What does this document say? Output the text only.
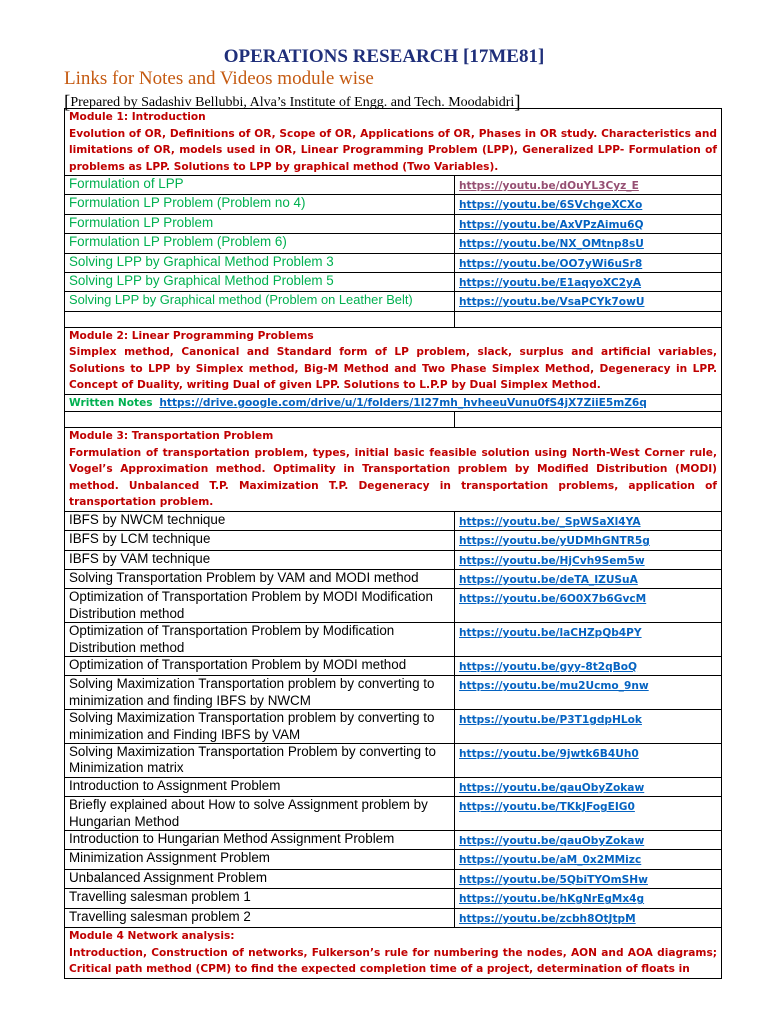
OPERATIONS RESEARCH [17ME81]
Links for Notes and Videos module wise
[Prepared by Sadashiv Bellubbi, Alva’s Institute of Engg. and Tech. Moodabidri]
Module 1: Introduction
Evolution of OR, Definitions of OR, Scope of OR, Applications of OR, Phases in OR study. Characteristics and limitations of OR, models used in OR, Linear Programming Problem (LPP), Generalized LPP- Formulation of problems as LPP. Solutions to LPP by graphical method (Two Variables).	
Formulation of LPP	https://youtu.be/dOuYL3Cyz_E
Formulation LP Problem (Problem no 4)	https://youtu.be/6SVchgeXCXo
Formulation LP Problem	https://youtu.be/AxVPzAimu6Q
Formulation LP Problem (Problem 6)	https://youtu.be/NX_OMtnp8sU
Solving LPP by Graphical Method Problem 3	https://youtu.be/OO7yWi6uSr8
Solving LPP by Graphical Method Problem 5	https://youtu.be/E1aqyoXC2yA
Solving LPP by Graphical method (Problem on Leather Belt)	https://youtu.be/VsaPCYk7owU

Module 2: Linear Programming Problems
Simplex method, Canonical and Standard form of LP problem, slack, surplus and artificial variables, Solutions to LPP by Simplex method, Big-M Method and Two Phase Simplex Method, Degeneracy in LPP. Concept of Duality, writing Dual of given LPP. Solutions to L.P.P by Dual Simplex Method.	
Written Notes https://drive.google.com/drive/u/1/folders/1I27mh_hvheeuVunu0fS4jX7ZiiE5mZ6q	

Module 3: Transportation Problem
Formulation of transportation problem, types, initial basic feasible solution using North-West Corner rule, Vogel’s Approximation method. Optimality in Transportation problem by Modified Distribution (MODI) method. Unbalanced T.P. Maximization T.P. Degeneracy in transportation problems, application of transportation problem.	
IBFS by NWCM technique	https://youtu.be/_SpWSaXl4YA
IBFS by LCM technique	https://youtu.be/yUDMhGNTR5g
IBFS by VAM technique	https://youtu.be/HjCvh9Sem5w
Solving Transportation Problem by VAM and MODI method	https://youtu.be/deTA_IZUSuA
Optimization of Transportation Problem by MODI Modification Distribution method	https://youtu.be/6O0X7b6GvcM
Optimization of Transportation Problem by Modification Distribution method	https://youtu.be/laCHZpQb4PY
Optimization of Transportation Problem by MODI method	https://youtu.be/gyy-8t2qBoQ
Solving Maximization Transportation problem by converting to minimization and finding IBFS by NWCM	https://youtu.be/mu2Ucmo_9nw
Solving Maximization Transportation problem by converting to minimization and Finding IBFS by VAM	https://youtu.be/P3T1gdpHLok
Solving Maximization Transportation Problem by converting to Minimization matrix	https://youtu.be/9jwtk6B4Uh0
Introduction to Assignment Problem	https://youtu.be/qauObyZokaw
Briefly explained about How to solve Assignment problem by Hungarian Method	https://youtu.be/TKkJFogEIG0
Introduction to Hungarian Method Assignment Problem	https://youtu.be/qauObyZokaw
Minimization Assignment Problem	https://youtu.be/aM_0x2MMizc
Unbalanced Assignment Problem	https://youtu.be/5QbiTYOmSHw
Travelling salesman problem 1	https://youtu.be/hKgNrEgMx4g
Travelling salesman problem 2	https://youtu.be/zcbh8OtJtpM

Module 4 Network analysis:
Introduction, Construction of networks, Fulkerson’s rule for numbering the nodes, AON and AOA diagrams; Critical path method (CPM) to find the expected completion time of a project, determination of floats in	
